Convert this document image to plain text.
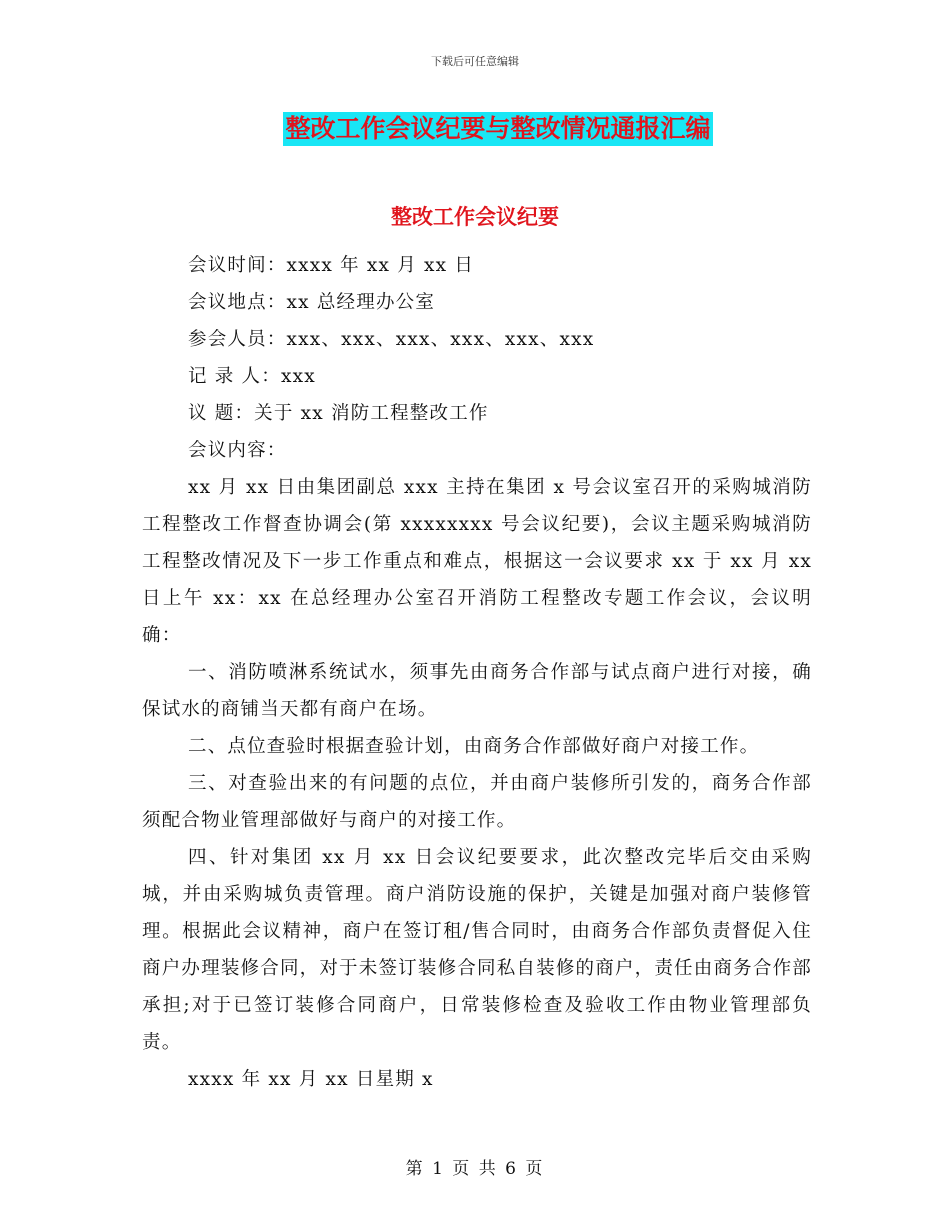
下载后可任意编辑
整改工作会议纪要与整改情况通报汇编
整改工作会议纪要

会议时间：xxxx 年 xx 月 xx 日

会议地点：xx 总经理办公室

参会人员：xxx、xxx、xxx、xxx、xxx、xxx

记 录 人：xxx

议 题：关于 xx 消防工程整改工作

会议内容：

xx 月 xx 日由集团副总 xxx 主持在集团 x 号会议室召开的采购城消防工程整改工作督查协调会(第 xxxxxxxx 号会议纪要)，会议主题采购城消防工程整改情况及下一步工作重点和难点，根据这一会议要求 xx 于 xx 月 xx 日上午 xx：xx 在总经理办公室召开消防工程整改专题工作会议，会议明确：

一、消防喷淋系统试水，须事先由商务合作部与试点商户进行对接，确保试水的商铺当天都有商户在场。

二、点位查验时根据查验计划，由商务合作部做好商户对接工作。

三、对查验出来的有问题的点位，并由商户装修所引发的，商务合作部须配合物业管理部做好与商户的对接工作。

四、针对集团 xx 月 xx 日会议纪要要求，此次整改完毕后交由采购城，并由采购城负责管理。商户消防设施的保护，关键是加强对商户装修管理。根据此会议精神，商户在签订租/售合同时，由商务合作部负责督促入住商户办理装修合同，对于未签订装修合同私自装修的商户，责任由商务合作部承担;对于已签订装修合同商户，日常装修检查及验收工作由物业管理部负责。

xxxx 年 xx 月 xx 日星期 x

第 1 页 共 6 页
